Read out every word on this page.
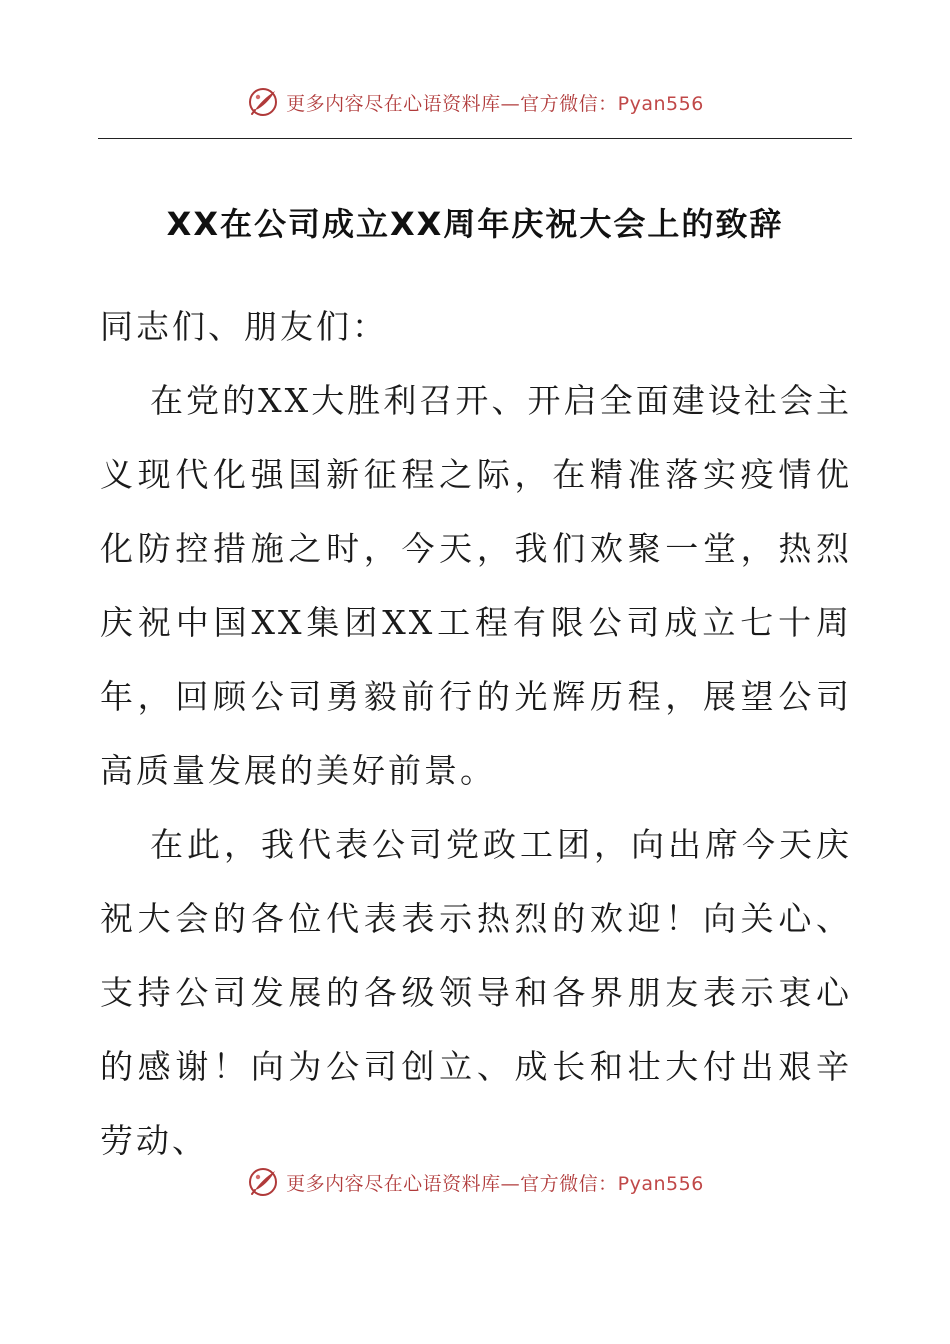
更多内容尽在心语资料库—官方微信：Pyan556
XX在公司成立XX周年庆祝大会上的致辞

同志们、朋友们：

在党的XX大胜利召开、开启全面建设社会主义现代化强国新征程之际，在精准落实疫情优化防控措施之时，今天，我们欢聚一堂，热烈庆祝中国XX集团XX工程有限公司成立七十周年，回顾公司勇毅前行的光辉历程，展望公司高质量发展的美好前景。

在此，我代表公司党政工团，向出席今天庆祝大会的各位代表表示热烈的欢迎！向关心、支持公司发展的各级领导和各界朋友表示衷心的感谢！向为公司创立、成长和壮大付出艰辛劳动、

更多内容尽在心语资料库—官方微信：Pyan556
